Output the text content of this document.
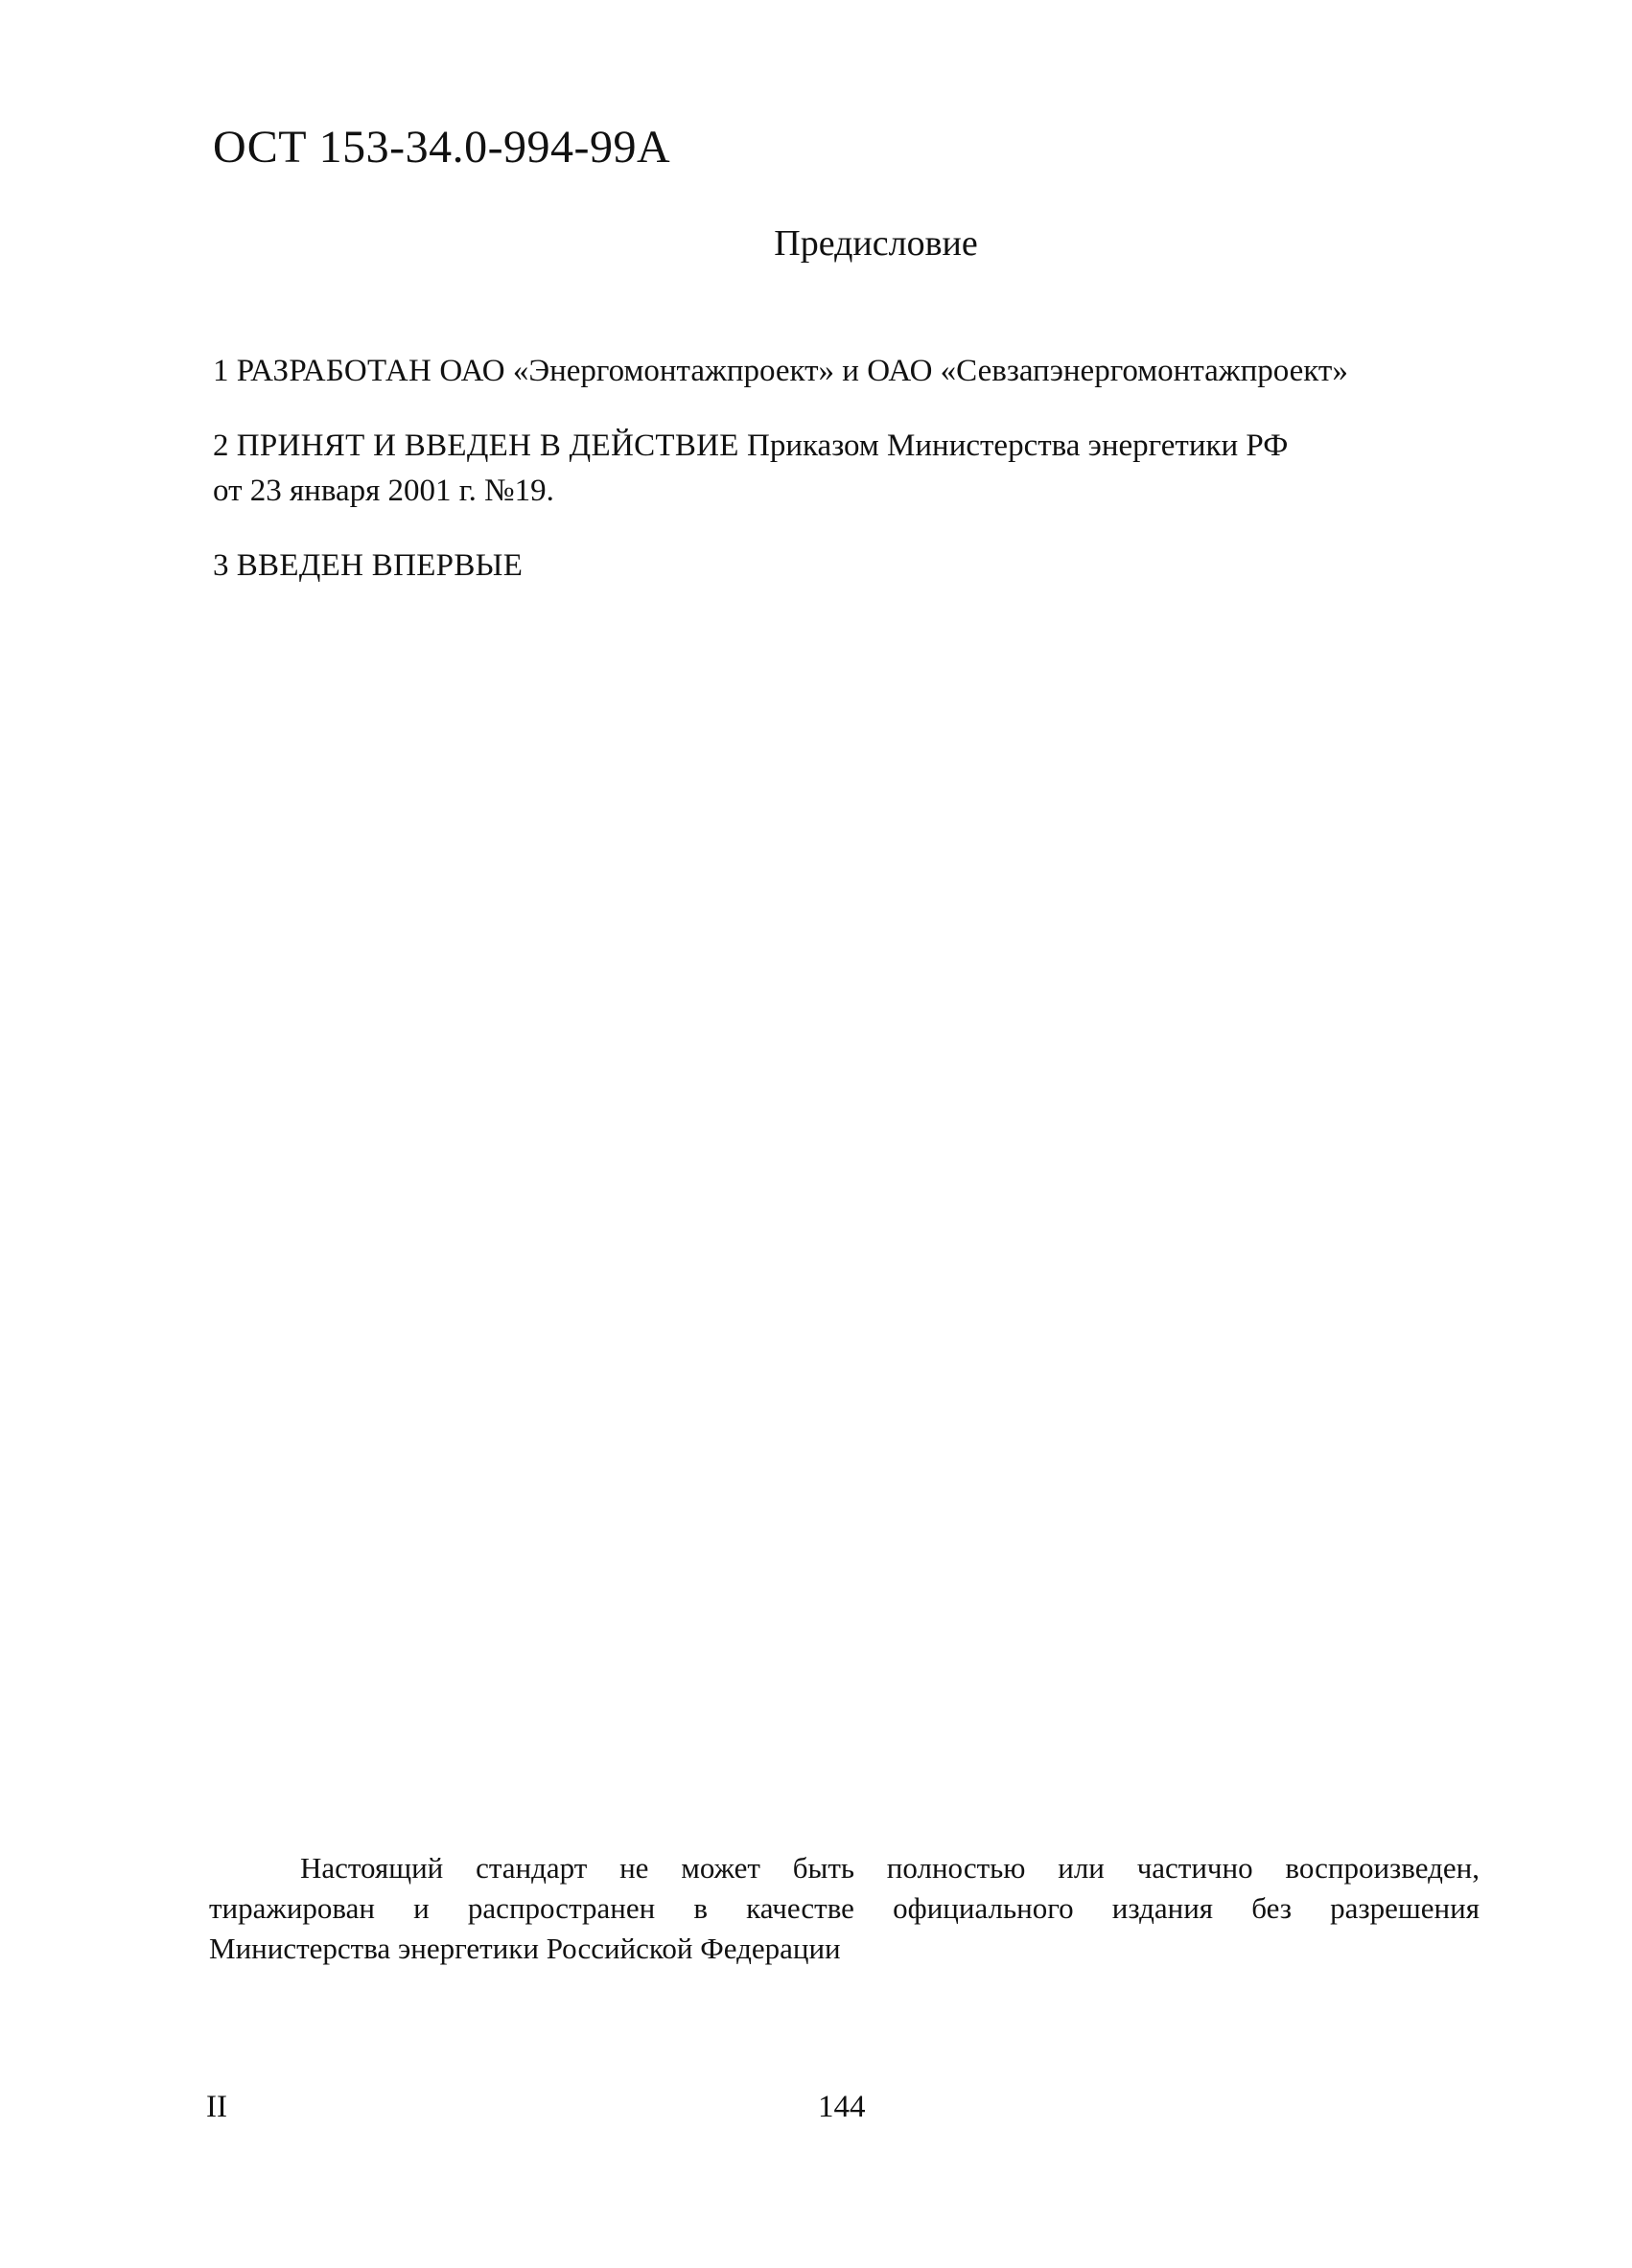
ОСТ 153-34.0-994-99А
Предисловие
1 РАЗРАБОТАН ОАО «Энергомонтажпроект» и ОАО «Севзапэнергомонтажпроект»
2 ПРИНЯТ И ВВЕДЕН В ДЕЙСТВИЕ Приказом Министерства энергетики РФ
от 23 января 2001 г. №19.
3 ВВЕДЕН ВПЕРВЫЕ
Настоящий стандарт не может быть полностью или частично воспроизведен,
тиражирован и распространен в качестве официального издания без разрешения
Министерства энергетики Российской Федерации
II	144
